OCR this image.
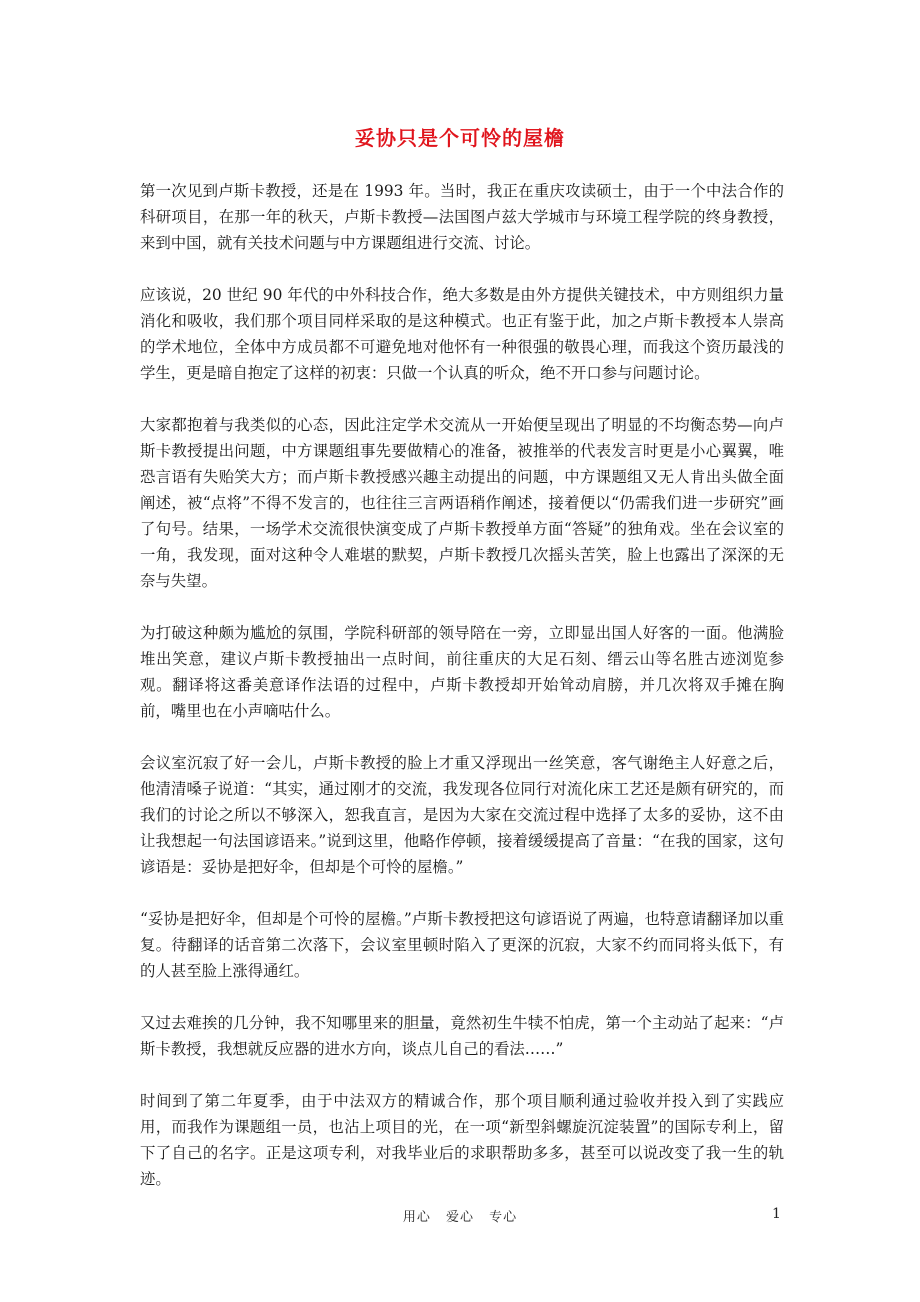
妥协只是个可怜的屋檐

第一次见到卢斯卡教授，还是在 1993 年。当时，我正在重庆攻读硕士，由于一个中法合作的科研项目，在那一年的秋天，卢斯卡教授—法国图卢兹大学城市与环境工程学院的终身教授，来到中国，就有关技术问题与中方课题组进行交流、讨论。

应该说，20 世纪 90 年代的中外科技合作，绝大多数是由外方提供关键技术，中方则组织力量消化和吸收，我们那个项目同样采取的是这种模式。也正有鉴于此，加之卢斯卡教授本人崇高的学术地位，全体中方成员都不可避免地对他怀有一种很强的敬畏心理，而我这个资历最浅的学生，更是暗自抱定了这样的初衷：只做一个认真的听众，绝不开口参与问题讨论。

大家都抱着与我类似的心态，因此注定学术交流从一开始便呈现出了明显的不均衡态势—向卢斯卡教授提出问题，中方课题组事先要做精心的准备，被推举的代表发言时更是小心翼翼，唯恐言语有失贻笑大方；而卢斯卡教授感兴趣主动提出的问题，中方课题组又无人肯出头做全面阐述，被“点将”不得不发言的，也往往三言两语稍作阐述，接着便以“仍需我们进一步研究”画了句号。结果，一场学术交流很快演变成了卢斯卡教授单方面“答疑”的独角戏。坐在会议室的一角，我发现，面对这种令人难堪的默契，卢斯卡教授几次摇头苦笑，脸上也露出了深深的无奈与失望。

为打破这种颇为尴尬的氛围，学院科研部的领导陪在一旁，立即显出国人好客的一面。他满脸堆出笑意，建议卢斯卡教授抽出一点时间，前往重庆的大足石刻、缙云山等名胜古迹浏览参观。翻译将这番美意译作法语的过程中，卢斯卡教授却开始耸动肩膀，并几次将双手摊在胸前，嘴里也在小声嘀咕什么。

会议室沉寂了好一会儿，卢斯卡教授的脸上才重又浮现出一丝笑意，客气谢绝主人好意之后，他清清嗓子说道：“其实，通过刚才的交流，我发现各位同行对流化床工艺还是颇有研究的，而我们的讨论之所以不够深入，恕我直言，是因为大家在交流过程中选择了太多的妥协，这不由让我想起一句法国谚语来。”说到这里，他略作停顿，接着缓缓提高了音量：“在我的国家，这句谚语是：妥协是把好伞，但却是个可怜的屋檐。”

“妥协是把好伞，但却是个可怜的屋檐。”卢斯卡教授把这句谚语说了两遍，也特意请翻译加以重复。待翻译的话音第二次落下，会议室里顿时陷入了更深的沉寂，大家不约而同将头低下，有的人甚至脸上涨得通红。

又过去难挨的几分钟，我不知哪里来的胆量，竟然初生牛犊不怕虎，第一个主动站了起来：“卢斯卡教授，我想就反应器的进水方向，谈点儿自己的看法……”

时间到了第二年夏季，由于中法双方的精诚合作，那个项目顺利通过验收并投入到了实践应用，而我作为课题组一员，也沾上项目的光，在一项“新型斜螺旋沉淀装置”的国际专利上，留下了自己的名字。正是这项专利，对我毕业后的求职帮助多多，甚至可以说改变了我一生的轨迹。

用心 爱心 专心	1
